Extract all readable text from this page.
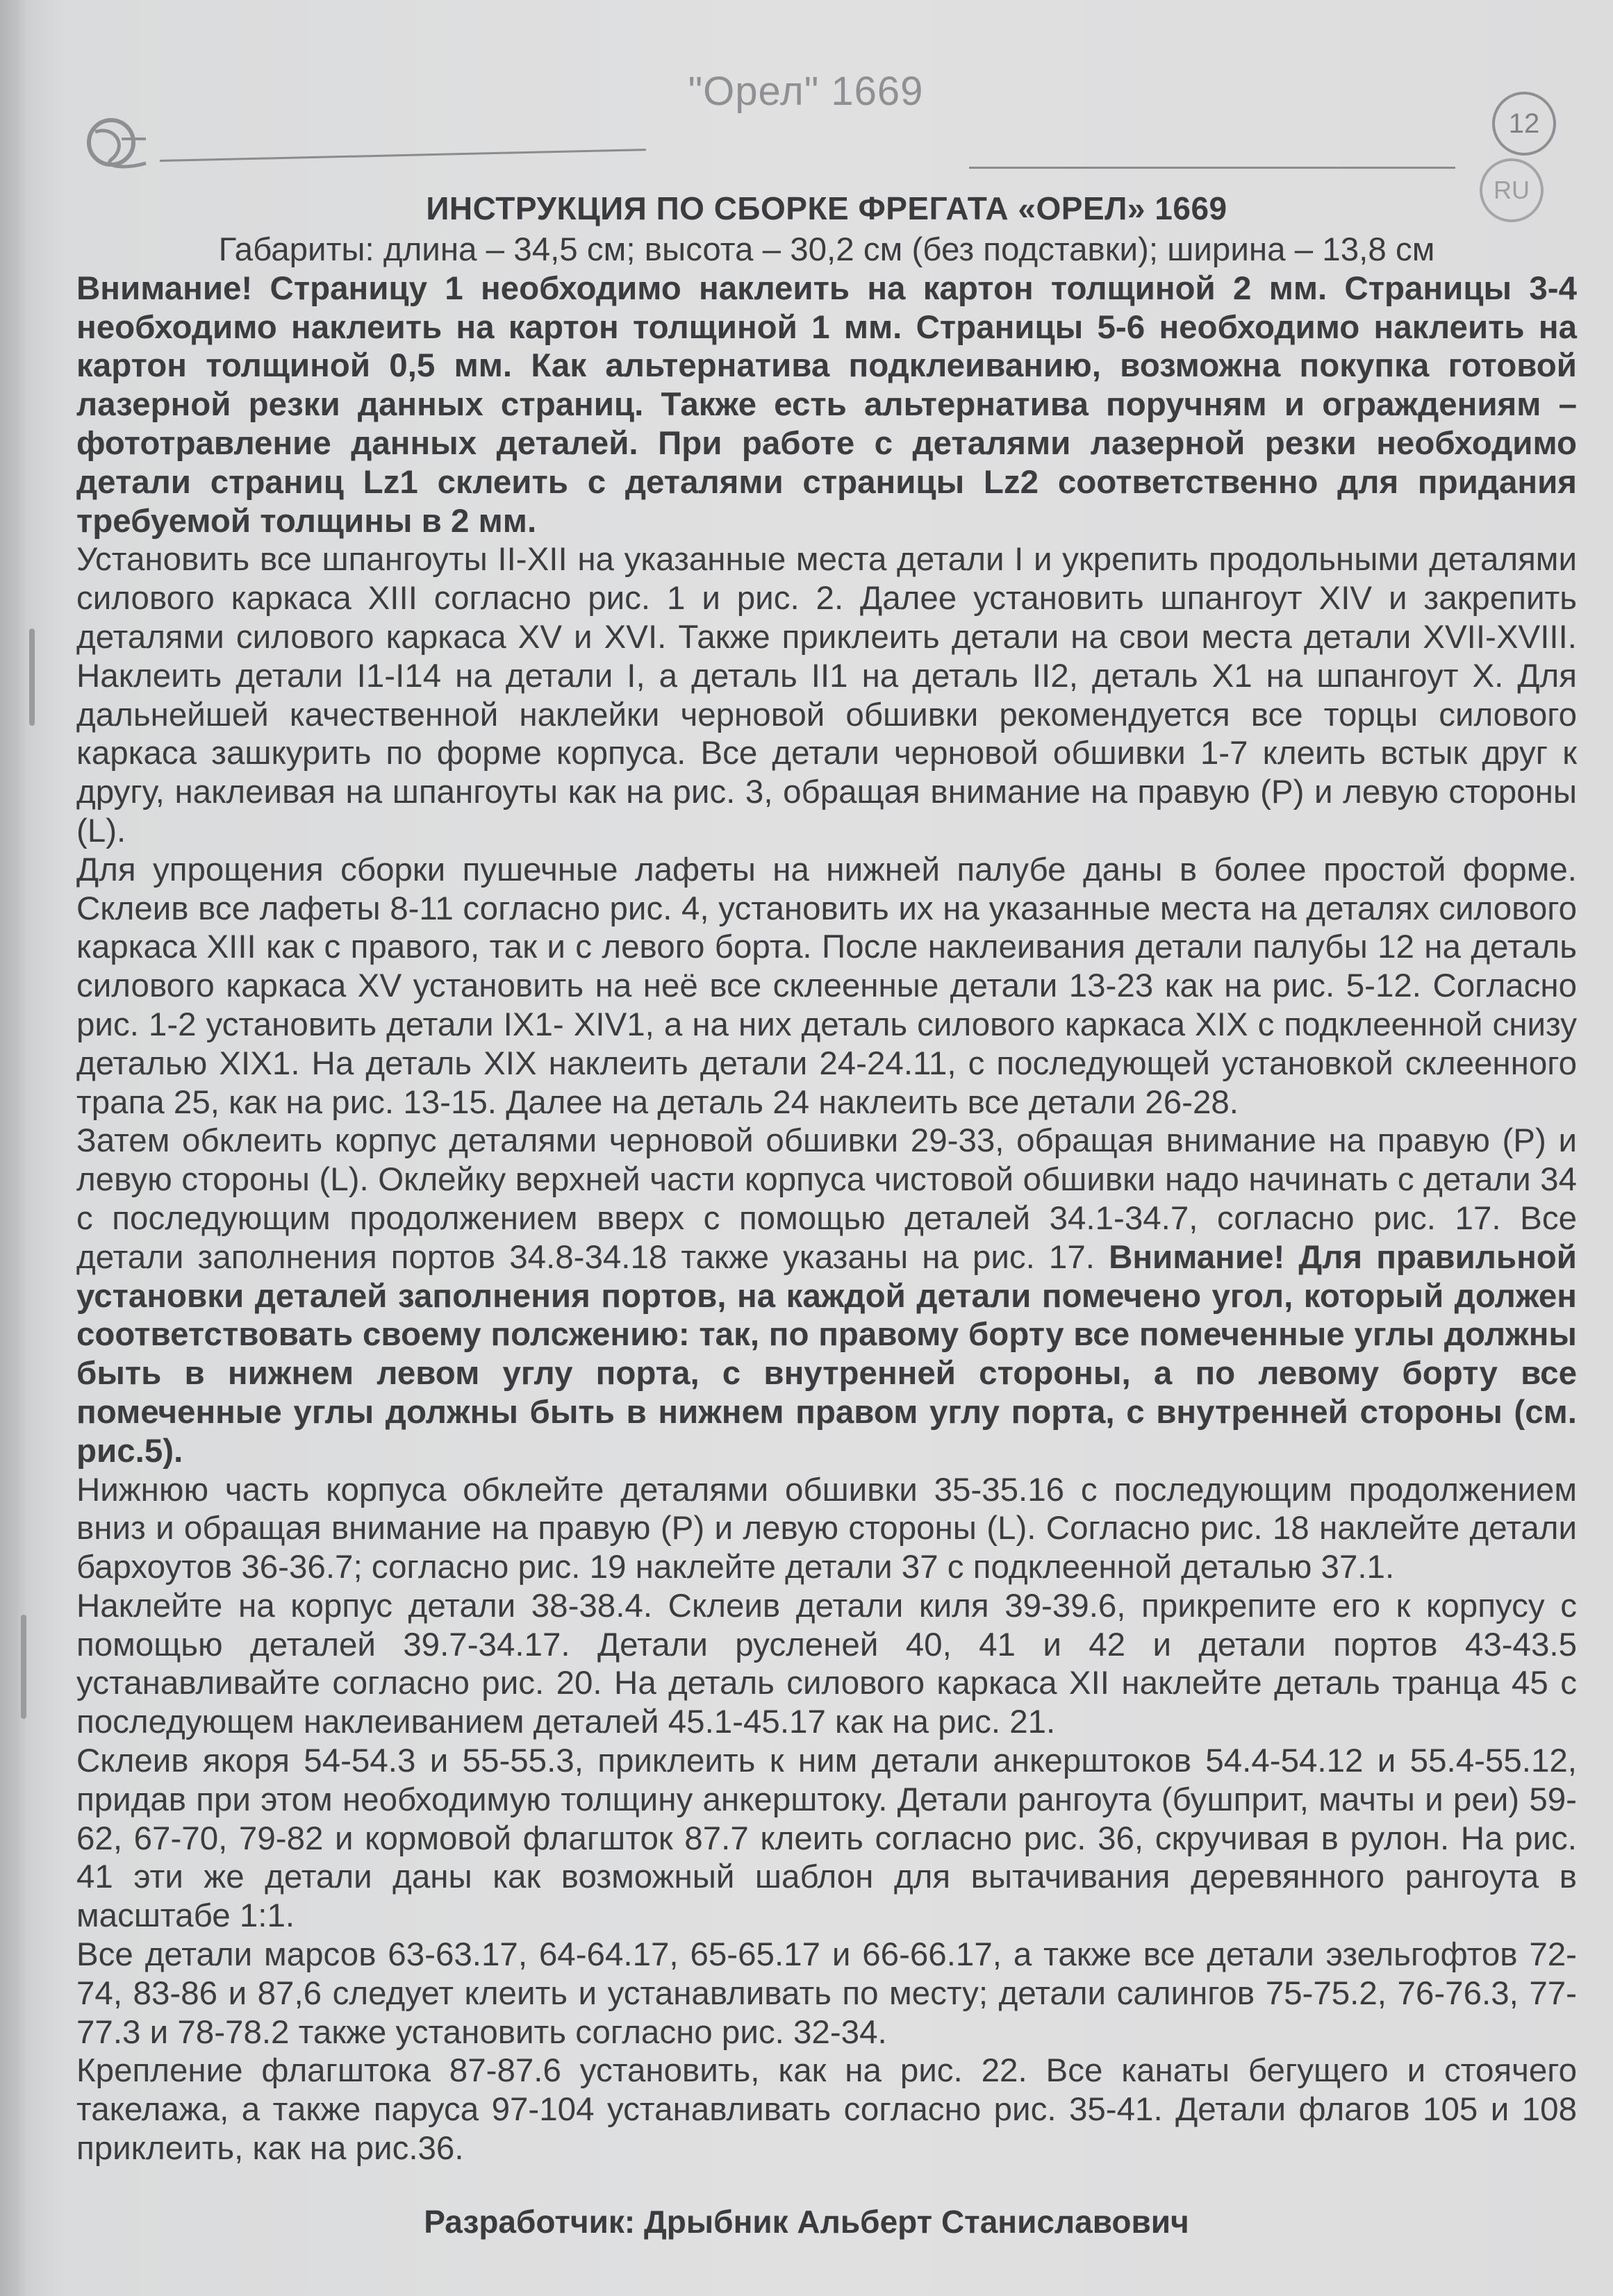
"Орел" 1669
12
RU
ИНСТРУКЦИЯ ПО СБОРКЕ ФРЕГАТА «ОРЕЛ» 1669

Габариты: длина – 34,5 см; высота – 30,2 см (без подставки); ширина – 13,8 см

Внимание! Страницу 1 необходимо наклеить на картон толщиной 2 мм. Страницы 3-4 необходимо наклеить на картон толщиной 1 мм. Страницы 5-6 необходимо наклеить на картон толщиной 0,5 мм. Как альтернатива подклеиванию, возможна покупка готовой лазерной резки данных страниц. Также есть альтернатива поручням и ограждениям – фототравление данных деталей. При работе с деталями лазерной резки необходимо детали страниц Lz1 склеить с деталями страницы Lz2 соответственно для придания требуемой толщины в 2 мм.

Установить все шпангоуты II-XII на указанные места детали I и укрепить продольными деталями силового каркаса XIII согласно рис. 1 и рис. 2. Далее установить шпангоут XIV и закрепить деталями силового каркаса XV и XVI. Также приклеить детали на свои места детали XVII-XVIII. Наклеить детали I1-I14 на детали I, а деталь II1 на деталь II2, деталь X1 на шпангоут X. Для дальнейшей качественной наклейки черновой обшивки рекомендуется все торцы силового каркаса зашкурить по форме корпуса. Все детали черновой обшивки 1-7 клеить встык друг к другу, наклеивая на шпангоуты как на рис. 3, обращая внимание на правую (P) и левую стороны (L).

Для упрощения сборки пушечные лафеты на нижней палубе даны в более простой форме. Склеив все лафеты 8-11 согласно рис. 4, установить их на указанные места на деталях силового каркаса XIII как с правого, так и с левого борта. После наклеивания детали палубы 12 на деталь силового каркаса XV установить на неё все склеенные детали 13-23 как на рис. 5-12. Согласно рис. 1-2 установить детали IX1- XIV1, а на них деталь силового каркаса XIX с подклеенной снизу деталью XIX1. На деталь XIX наклеить детали 24-24.11, с последующей установкой склеенного трапа 25, как на рис. 13-15. Далее на деталь 24 наклеить все детали 26-28.

Затем обклеить корпус деталями черновой обшивки 29-33, обращая внимание на правую (P) и левую стороны (L). Оклейку верхней части корпуса чистовой обшивки надо начинать с детали 34 с последующим продолжением вверх с помощью деталей 34.1-34.7, согласно рис. 17. Все детали заполнения портов 34.8-34.18 также указаны на рис. 17. Внимание! Для правильной установки деталей заполнения портов, на каждой детали помечено угол, который должен соответствовать своему полсжению: так, по правому борту все помеченные углы должны быть в нижнем левом углу порта, с внутренней стороны, а по левому борту все помеченные углы должны быть в нижнем правом углу порта, с внутренней стороны (см. рис.5).

Нижнюю часть корпуса обклейте деталями обшивки 35-35.16 с последующим продолжением вниз и обращая внимание на правую (P) и левую стороны (L). Согласно рис. 18 наклейте детали бархоутов 36-36.7; согласно рис. 19 наклейте детали 37 с подклеенной деталью 37.1.

Наклейте на корпус детали 38-38.4. Склеив детали киля 39-39.6, прикрепите его к корпусу с помощью деталей 39.7-34.17. Детали русленей 40, 41 и 42 и детали портов 43-43.5 устанавливайте согласно рис. 20. На деталь силового каркаса XII наклейте деталь транца 45 с последующем наклеиванием деталей 45.1-45.17 как на рис. 21.

Склеив якоря 54-54.3 и 55-55.3, приклеить к ним детали анкерштоков 54.4-54.12 и 55.4-55.12, придав при этом необходимую толщину анкерштоку. Детали рангоута (бушприт, мачты и реи) 59-62, 67-70, 79-82 и кормовой флагшток 87.7 клеить согласно рис. 36, скручивая в рулон. На рис. 41 эти же детали даны как возможный шаблон для вытачивания деревянного рангоута в масштабе 1:1.

Все детали марсов 63-63.17, 64-64.17, 65-65.17 и 66-66.17, а также все детали эзельгофтов 72-74, 83-86 и 87,6 следует клеить и устанавливать по месту; детали салингов 75-75.2, 76-76.3, 77-77.3 и 78-78.2 также установить согласно рис. 32-34.

Крепление флагштока 87-87.6 установить, как на рис. 22. Все канаты бегущего и стоячего такелажа, а также паруса 97-104 устанавливать согласно рис. 35-41. Детали флагов 105 и 108 приклеить, как на рис.36.

Разработчик: Дрыбник Альберт Станиславович
